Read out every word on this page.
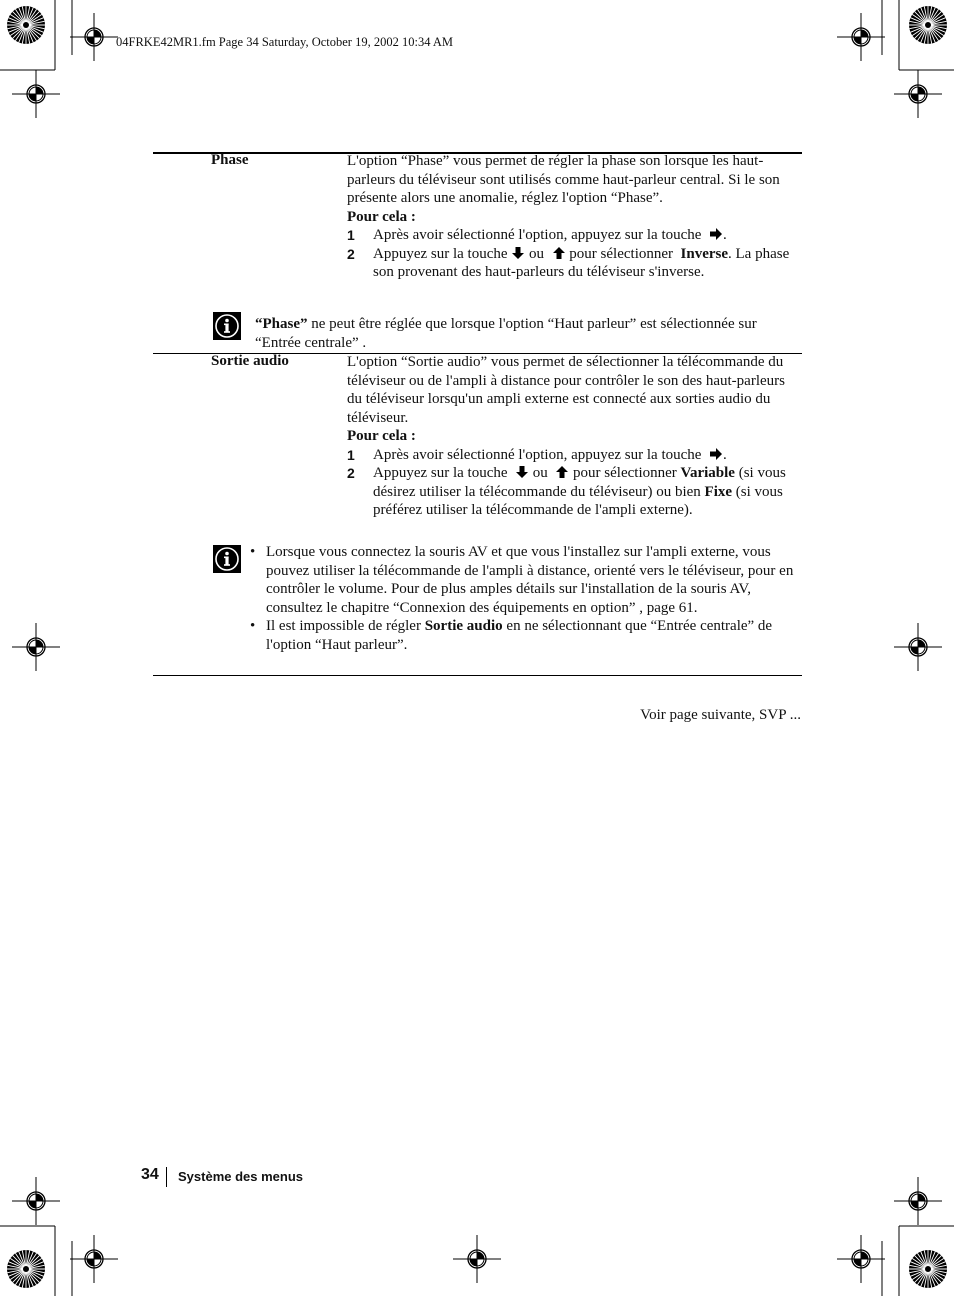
04FRKE42MR1.fm Page 34 Saturday, October 19, 2002 10:34 AM
Phase	L'option “Phase” vous permet de régler la phase son lorsque les haut-parleurs du téléviseur sont utilisés comme haut-parleur central. Si le son présente alors une anomalie, réglez l'option “Phase”.

Pour cela :

1	Après avoir sélectionné l'option, appuyez sur la touche .
2	Appuyez sur la touche ou pour sélectionner Inverse. La phase son provenant des haut-parleurs du téléviseur s'inverse.
“Phase” ne peut être réglée que lorsque l'option “Haut parleur” est sélectionnée sur “Entrée centrale” .
Sortie audio	L'option “Sortie audio” vous permet de sélectionner la télécommande du téléviseur ou de l'ampli à distance pour contrôler le son des haut-parleurs du téléviseur lorsqu'un ampli externe est connecté aux sorties audio du téléviseur.

Pour cela :

1	Après avoir sélectionné l'option, appuyez sur la touche .
2	Appuyez sur la touche ou pour sélectionner Variable (si vous désirez utiliser la télécommande du téléviseur) ou bien Fixe (si vous préférez utiliser la télécommande de l'ampli externe).
• Lorsque vous connectez la souris AV et que vous l'installez sur l'ampli externe, vous pouvez utiliser la télécommande de l'ampli à distance, orienté vers le téléviseur, pour en contrôler le volume. Pour de plus amples détails sur l'installation de la souris AV, consultez le chapitre “Connexion des équipements en option” , page 61.
• Il est impossible de régler Sortie audio en ne sélectionnant que “Entrée centrale” de l'option “Haut parleur”.
Voir page suivante, SVP ...
34 Système des menus
